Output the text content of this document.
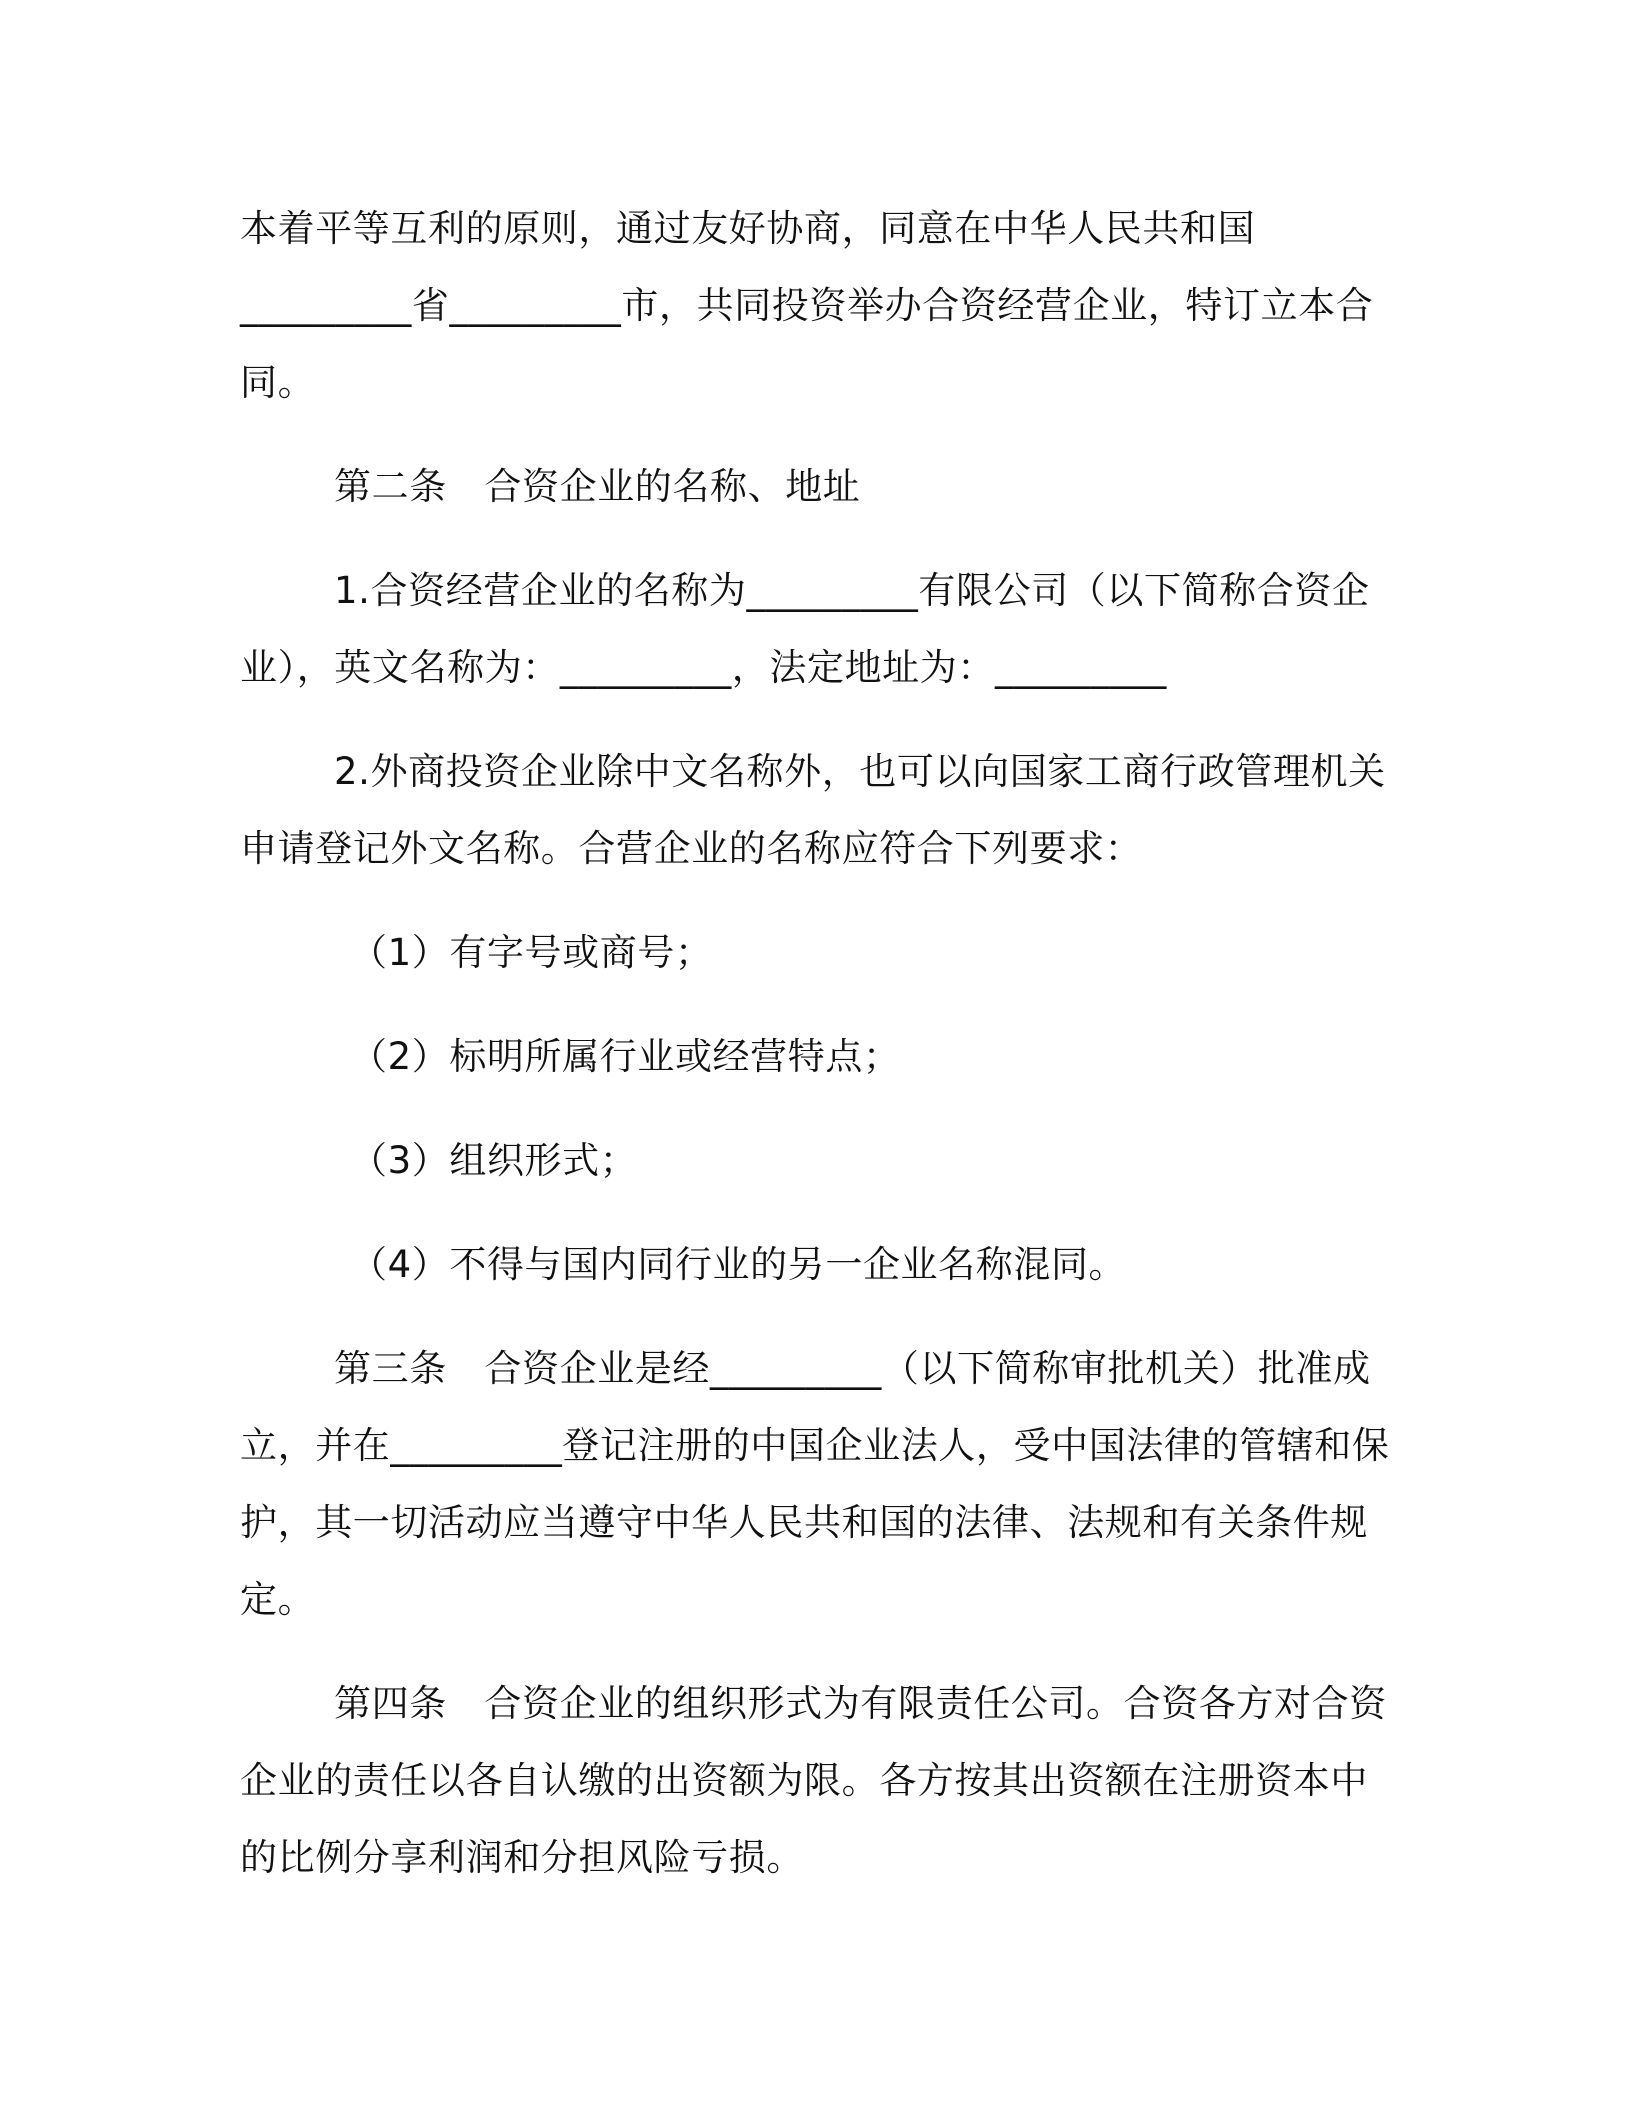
本着平等互利的原则，通过友好协商，同意在中华人民共和国_________省_________市，共同投资举办合资经营企业，特订立本合同。

第二条　合资企业的名称、地址

1.合资经营企业的名称为_________有限公司（以下简称合资企业），英文名称为：_________，法定地址为：_________

2.外商投资企业除中文名称外，也可以向国家工商行政管理机关申请登记外文名称。合营企业的名称应符合下列要求：

（1）有字号或商号；

（2）标明所属行业或经营特点；

（3）组织形式；

（4）不得与国内同行业的另一企业名称混同。

第三条　合资企业是经_________（以下简称审批机关）批准成立，并在_________登记注册的中国企业法人，受中国法律的管辖和保护，其一切活动应当遵守中华人民共和国的法律、法规和有关条件规定。

第四条　合资企业的组织形式为有限责任公司。合资各方对合资企业的责任以各自认缴的出资额为限。各方按其出资额在注册资本中的比例分享利润和分担风险亏损。
